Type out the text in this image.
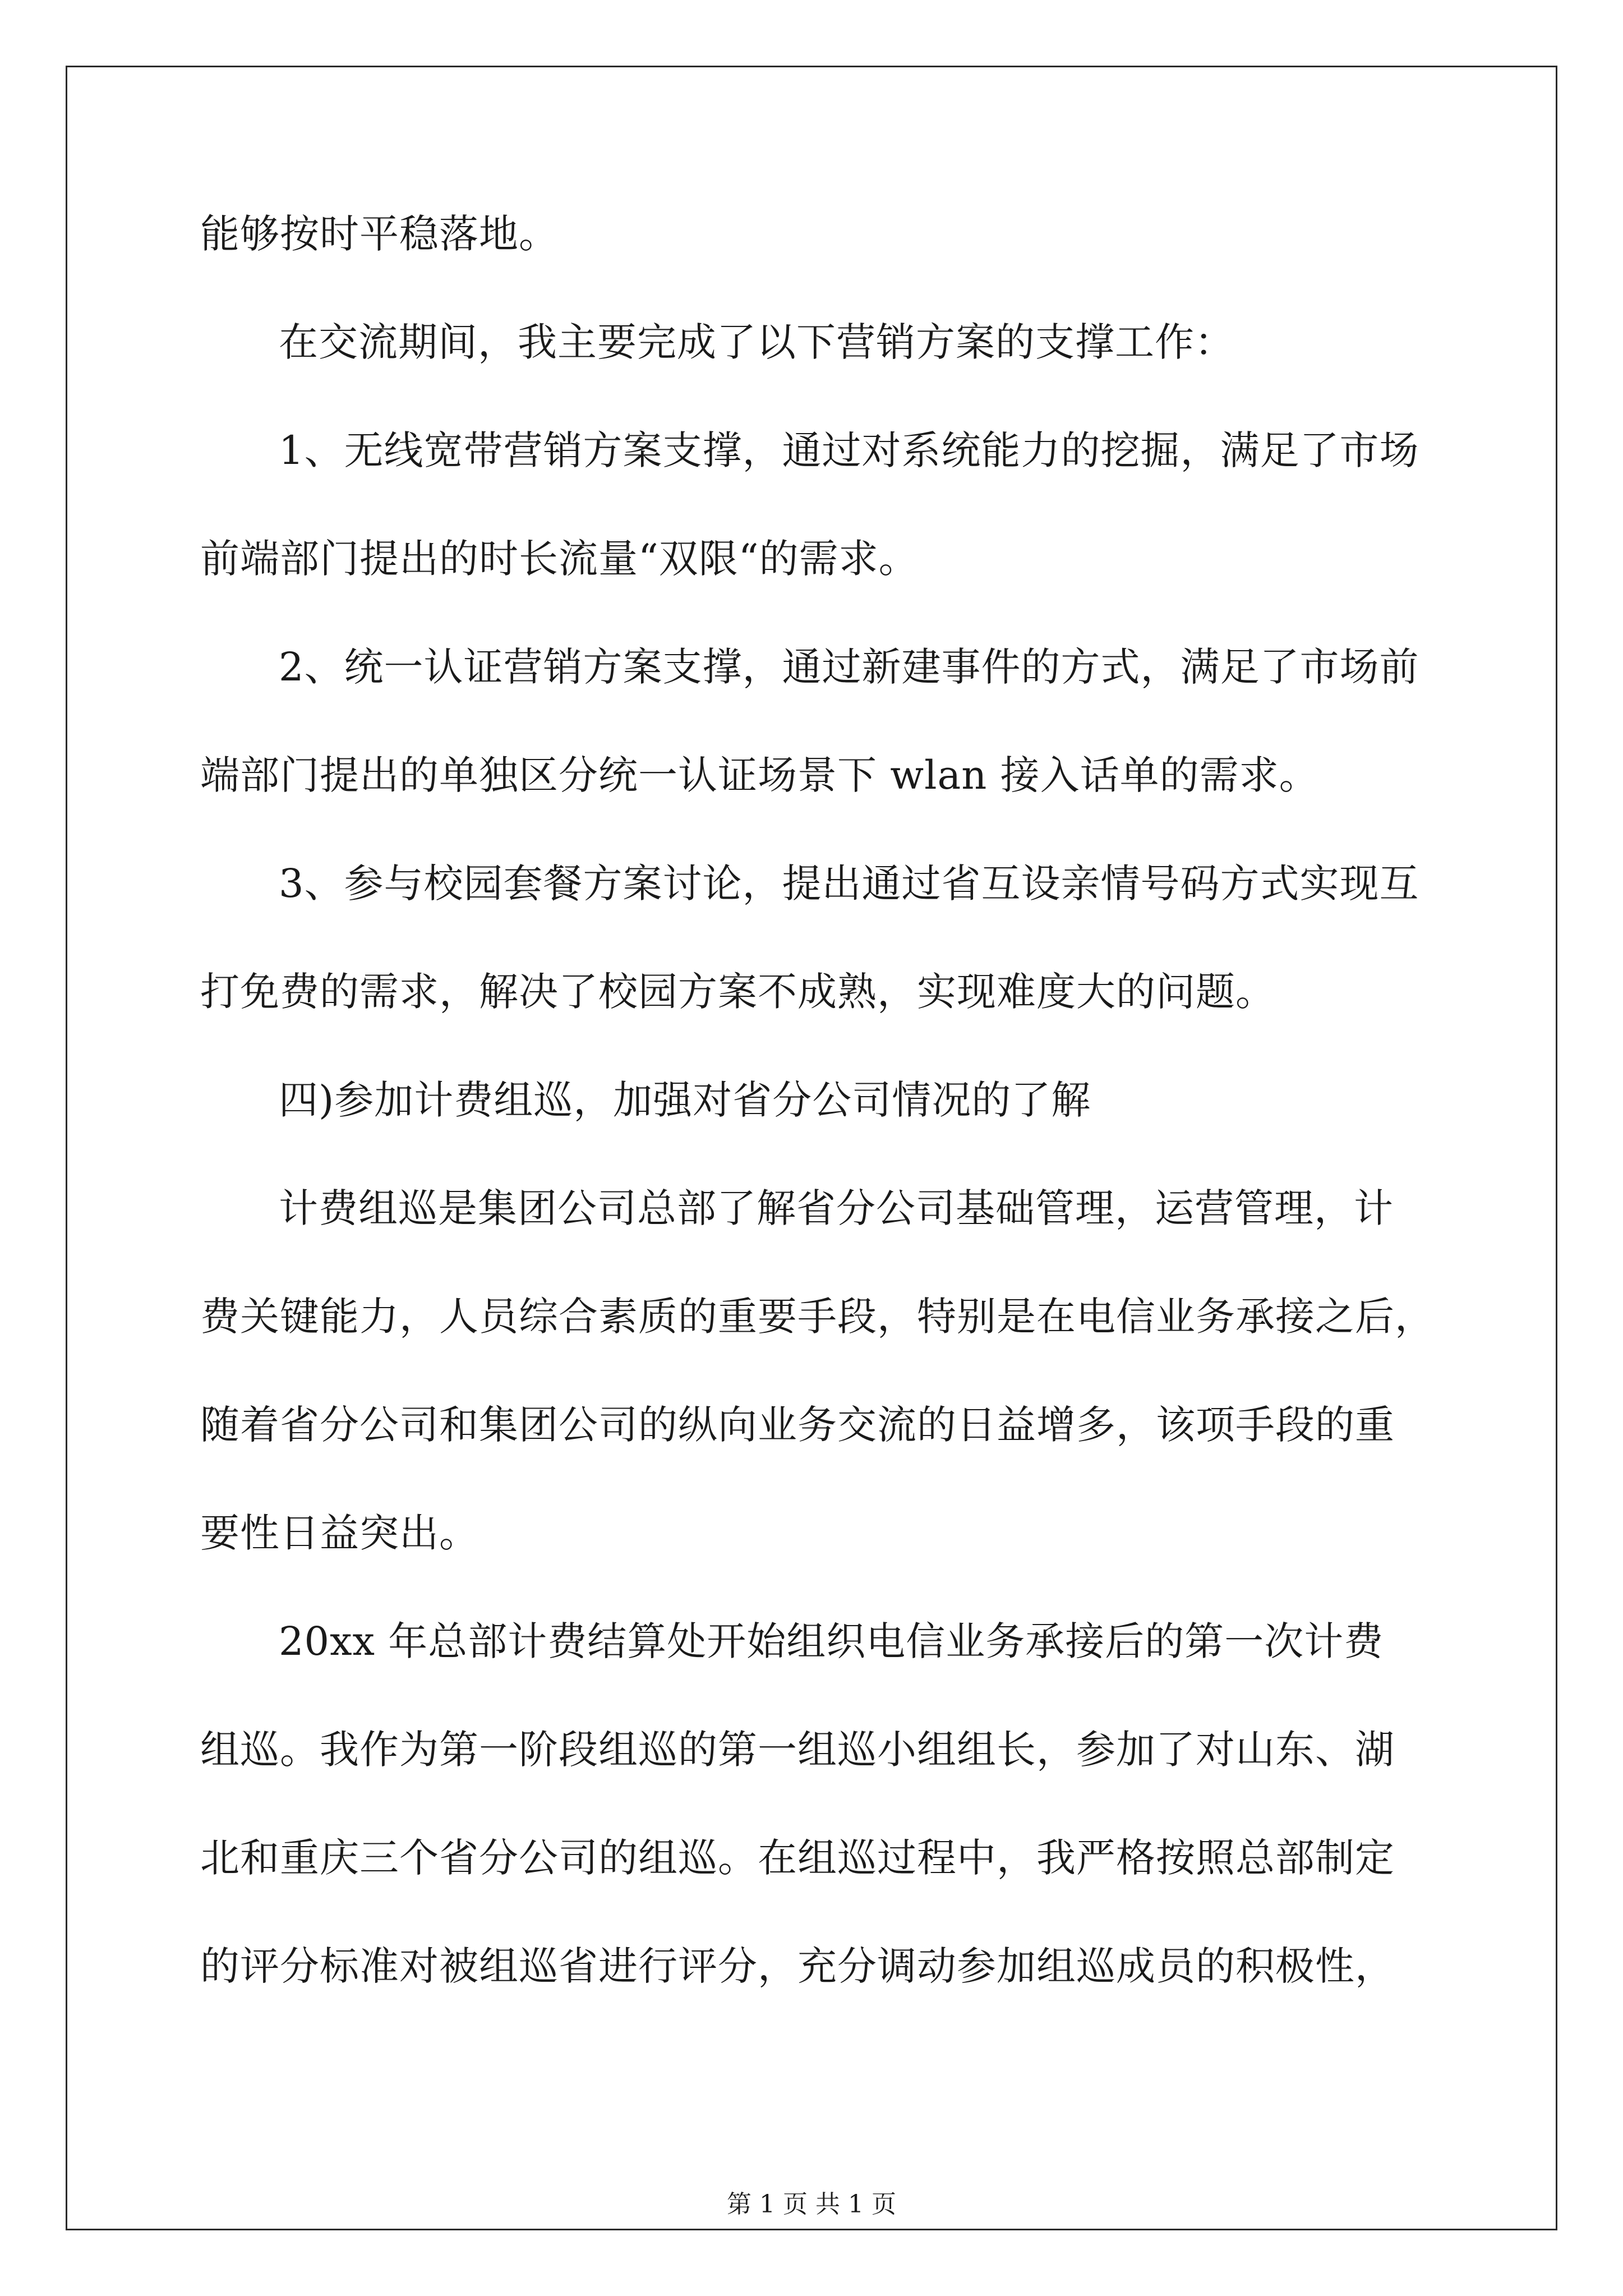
能够按时平稳落地。
在交流期间，我主要完成了以下营销方案的支撑工作：
1、无线宽带营销方案支撑，通过对系统能力的挖掘，满足了市场
前端部门提出的时长流量“双限“的需求。
2、统一认证营销方案支撑，通过新建事件的方式，满足了市场前
端部门提出的单独区分统一认证场景下 wlan 接入话单的需求。
3、参与校园套餐方案讨论，提出通过省互设亲情号码方式实现互
打免费的需求，解决了校园方案不成熟，实现难度大的问题。
四)参加计费组巡，加强对省分公司情况的了解
计费组巡是集团公司总部了解省分公司基础管理，运营管理，计
费关键能力，人员综合素质的重要手段，特别是在电信业务承接之后，
随着省分公司和集团公司的纵向业务交流的日益增多，该项手段的重
要性日益突出。
20xx 年总部计费结算处开始组织电信业务承接后的第一次计费
组巡。我作为第一阶段组巡的第一组巡小组组长，参加了对山东、湖
北和重庆三个省分公司的组巡。在组巡过程中，我严格按照总部制定
的评分标准对被组巡省进行评分，充分调动参加组巡成员的积极性，
第 1 页 共 1 页
